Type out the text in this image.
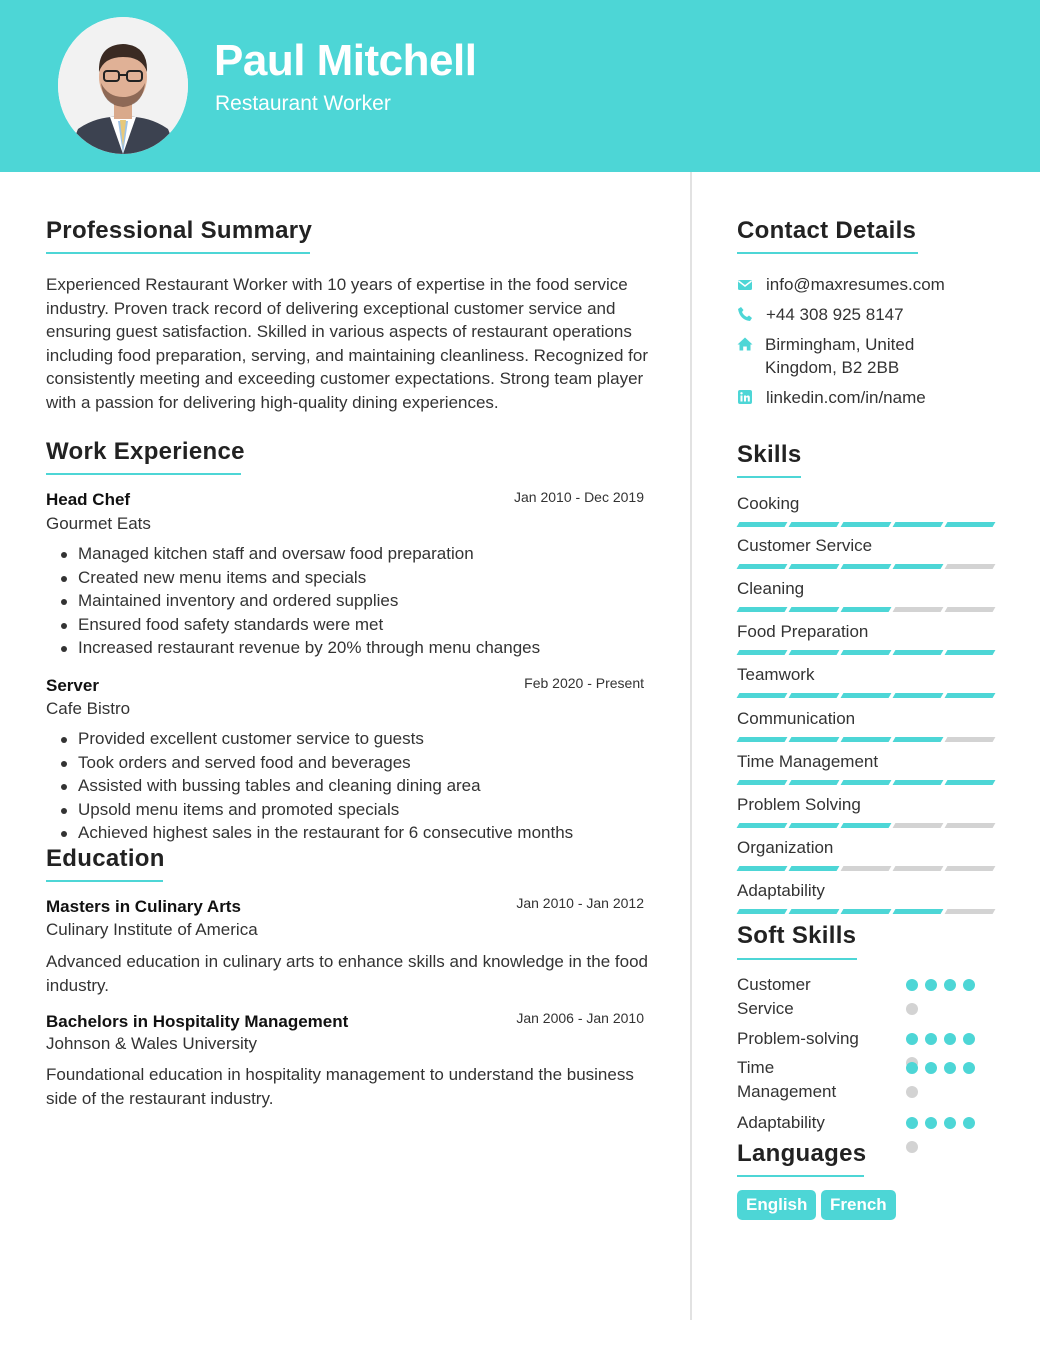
Paul Mitchell
Restaurant Worker
Professional Summary
Experienced Restaurant Worker with 10 years of expertise in the food service industry. Proven track record of delivering exceptional customer service and ensuring guest satisfaction. Skilled in various aspects of restaurant operations including food preparation, serving, and maintaining cleanliness. Recognized for consistently meeting and exceeding customer expectations. Strong team player with a passion for delivering high-quality dining experiences.
Work Experience
Head Chef	Jan 2010 - Dec 2019
Gourmet Eats
Managed kitchen staff and oversaw food preparation
Created new menu items and specials
Maintained inventory and ordered supplies
Ensured food safety standards were met
Increased restaurant revenue by 20% through menu changes
Server	Feb 2020 - Present
Cafe Bistro
Provided excellent customer service to guests
Took orders and served food and beverages
Assisted with bussing tables and cleaning dining area
Upsold menu items and promoted specials
Achieved highest sales in the restaurant for 6 consecutive months
Education
Masters in Culinary Arts	Jan 2010 - Jan 2012
Culinary Institute of America
Advanced education in culinary arts to enhance skills and knowledge in the food industry.
Bachelors in Hospitality Management	Jan 2006 - Jan 2010
Johnson & Wales University
Foundational education in hospitality management to understand the business side of the restaurant industry.
Contact Details
info@maxresumes.com
+44 308 925 8147
Birmingham, United
Kingdom, B2 2BB
linkedin.com/in/name
Skills
Cooking
Customer Service
Cleaning
Food Preparation
Teamwork
Communication
Time Management
Problem Solving
Organization
Adaptability
Soft Skills
Customer
Service
Problem-solving
Time
Management
Adaptability
Languages
English	French
